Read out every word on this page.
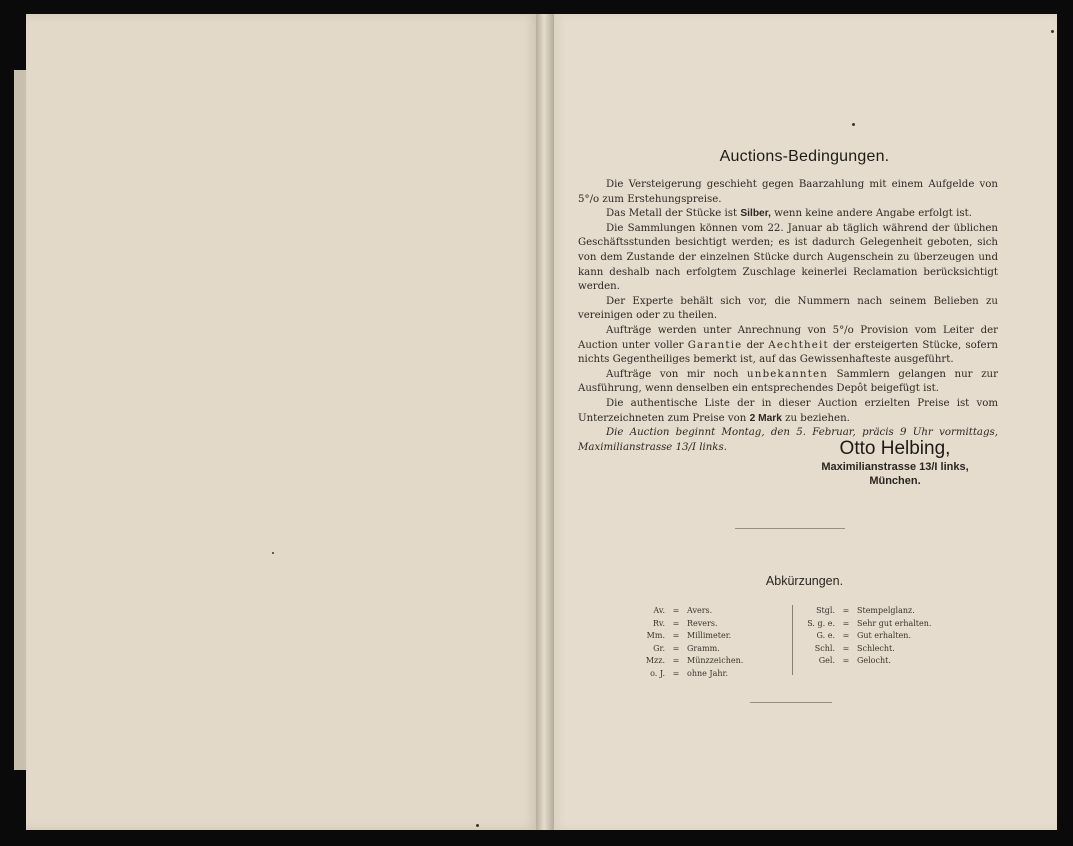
Auctions-Bedingungen.

Die Versteigerung geschieht gegen Baarzahlung mit einem Aufgelde von 5°/o zum Erstehungspreise.

Das Metall der Stücke ist Silber, wenn keine andere Angabe erfolgt ist.

Die Sammlungen können vom 22. Januar ab täglich während der üblichen Geschäftsstunden besichtigt werden; es ist dadurch Gelegenheit geboten, sich von dem Zustande der einzelnen Stücke durch Augenschein zu überzeugen und kann deshalb nach erfolgtem Zuschlage keinerlei Reclamation berücksichtigt werden.

Der Experte behält sich vor, die Nummern nach seinem Belieben zu vereinigen oder zu theilen.

Aufträge werden unter Anrechnung von 5°/o Provision vom Leiter der Auction unter voller Garantie der Aechtheit der ersteigerten Stücke, sofern nichts Gegentheiliges bemerkt ist, auf das Gewissenhafteste ausgeführt.

Aufträge von mir noch unbekannten Sammlern gelangen nur zur Ausführung, wenn denselben ein entsprechendes Depôt beigefügt ist.

Die authentische Liste der in dieser Auction erzielten Preise ist vom Unterzeichneten zum Preise von 2 Mark zu beziehen.

Die Auction beginnt Montag, den 5. Februar, präcis 9 Uhr vormittags, Maximilianstrasse 13/I links.	Otto Helbing,
Maximilianstrasse 13/I links,
München.
Abkürzungen.
Av. = Avers.
Rv. = Revers.
Mm. = Millimeter.
Gr. = Gramm.
Mzz. = Münzzeichen.
o. J. = ohne Jahr.
Stgl. = Stempelglanz.
S. g. e. = Sehr gut erhalten.
G. e. = Gut erhalten.
Schl. = Schlecht.
Gel. = Gelocht.
